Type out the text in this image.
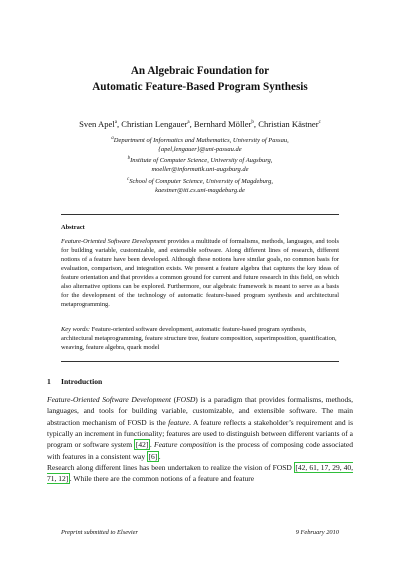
An Algebraic Foundation for
Automatic Feature-Based Program Synthesis
Sven Apel$^a$, Christian Lengauer$^a$, Bernhard Möller$^b$, Christian Kästner$^c$
$^a$Department of Informatics and Mathematics, University of Passau,
{apel,lengauer}@uni-passau.de
$^b$Institute of Computer Science, University of Augsburg,
moeller@informatik.uni-augsburg.de
$^c$School of Computer Science, University of Magdeburg,
kaestner@iti.cs.uni-magdeburg.de
Abstract
Feature-Oriented Software Development provides a multitude of formalisms, methods, languages, and tools for building variable, customizable, and extensible software. Along different lines of research, different notions of a feature have been developed. Although these notions have similar goals, no common basis for evaluation, comparison, and integration exists. We present a feature algebra that captures the key ideas of feature orientation and that provides a common ground for current and future research in this field, on which also alternative options can be explored. Furthermore, our algebraic framework is meant to serve as a basis for the development of the technology of automatic feature-based program synthesis and architectural metaprogramming.
Key words: Feature-oriented software development, automatic feature-based program synthesis, architectural metaprogramming, feature structure tree, feature composition, superimposition, quantification, weaving, feature algebra, quark model
1 Introduction
Feature-Oriented Software Development (FOSD) is a paradigm that provides formalisms, methods, languages, and tools for building variable, customizable, and extensible software. The main abstraction mechanism of FOSD is the feature. A feature reflects a stakeholder’s requirement and is typically an increment in functionality; features are used to distinguish between different variants of a program or software system [42] . Feature composition is the process of composing code associated with features in a consistent way [6] .
Research along different lines has been undertaken to realize the vision of FOSD [42, 61, 17, 29, 40, 71, 12] . While there are the common notions of a feature and feature
Preprint submitted to Elsevier	9 February 2010
